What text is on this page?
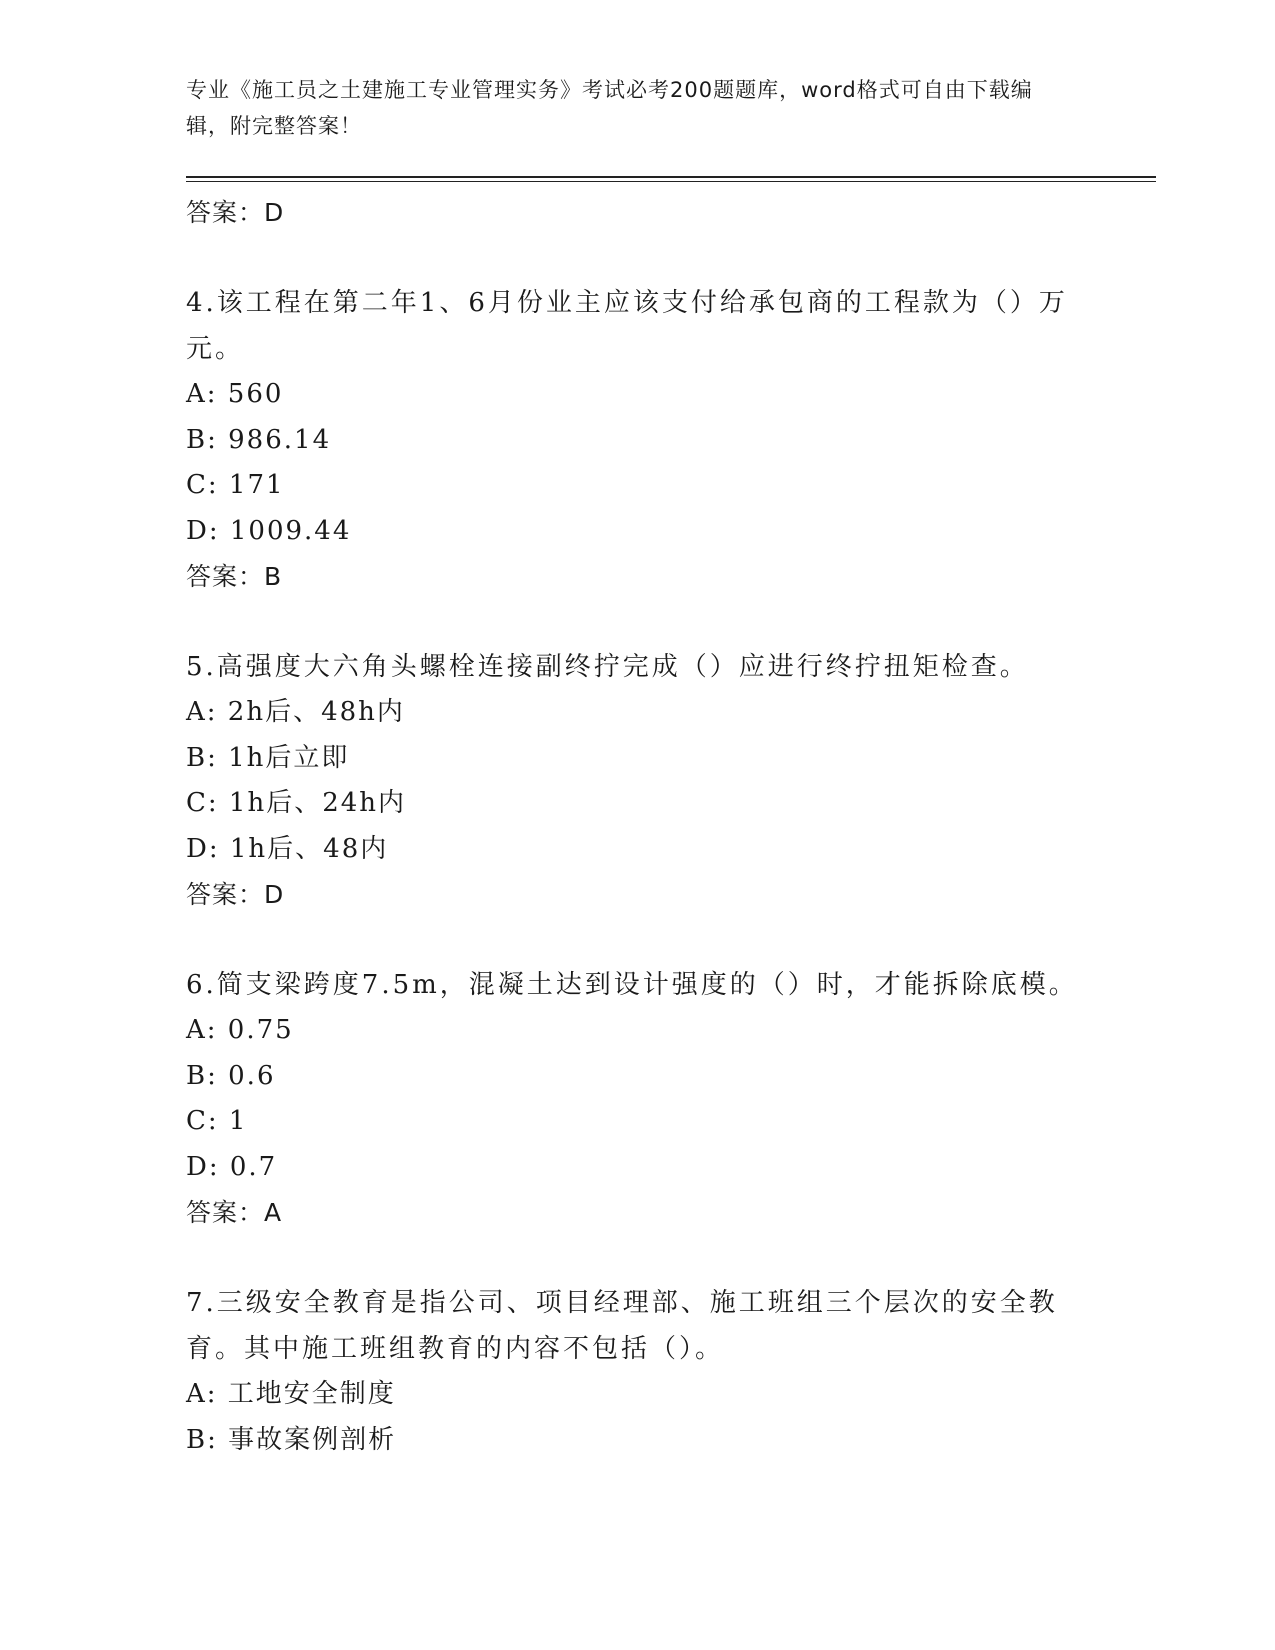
专业《施工员之土建施工专业管理实务》考试必考200题题库，word格式可自由下载编辑，附完整答案！
答案：D
4.该工程在第二年1、6月份业主应该支付给承包商的工程款为（）万元。
A: 560
B: 986.14
C: 171
D: 1009.44
答案：B
5.高强度大六角头螺栓连接副终拧完成（）应进行终拧扭矩检查。
A: 2h后、48h内
B: 1h后立即
C: 1h后、24h内
D: 1h后、48内
答案：D
6.简支梁跨度7.5m，混凝土达到设计强度的（）时，才能拆除底模。
A: 0.75
B: 0.6
C: 1
D: 0.7
答案：A
7.三级安全教育是指公司、项目经理部、施工班组三个层次的安全教育。其中施工班组教育的内容不包括（）。
A: 工地安全制度
B: 事故案例剖析
